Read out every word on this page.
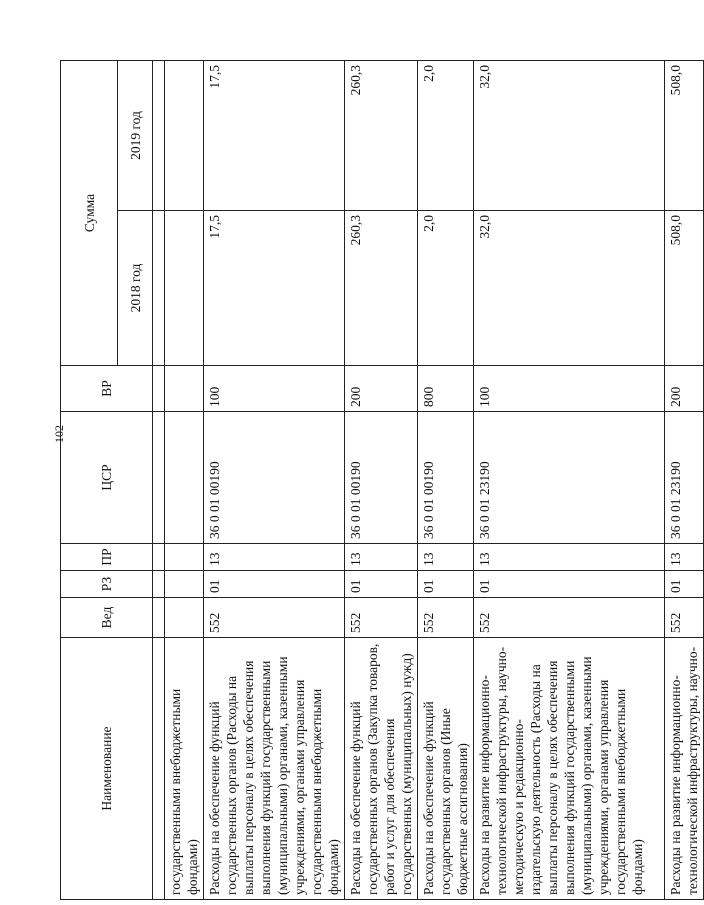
102
Наименование	Вед	РЗ	ПР	ЦСР	ВР	Сумма	
						2018 год	2019 год

государственными внебюджетными фондами)							
Расходы на обеспечение функций государственных органов (Расходы на выплаты персоналу в целях обеспечения выполнения функций государственными (муниципальными) органами, казенными учреждениями, органами управления государственными внебюджетными фондами)	552	01	13	36 0 01 00190	100	17,5	17,5
Расходы на обеспечение функций государственных органов (Закупка товаров, работ и услуг для обеспечения государственных (муниципальных) нужд)	552	01	13	36 0 01 00190	200	260,3	260,3
Расходы на обеспечение функций государственных органов (Иные бюджетные ассигнования)	552	01	13	36 0 01 00190	800	2,0	2,0
Расходы на развитие информационно-технологической инфраструктуры, научно-методическую и редакционно-издательскую деятельность (Расходы на выплаты персоналу в целях обеспечения выполнения функций государственными (муниципальными) органами, казенными учреждениями, органами управления государственными внебюджетными фондами)	552	01	13	36 0 01 23190	100	32,0	32,0
Расходы на развитие информационно-технологической инфраструктуры, научно-	552	01	13	36 0 01 23190	200	508,0	508,0
